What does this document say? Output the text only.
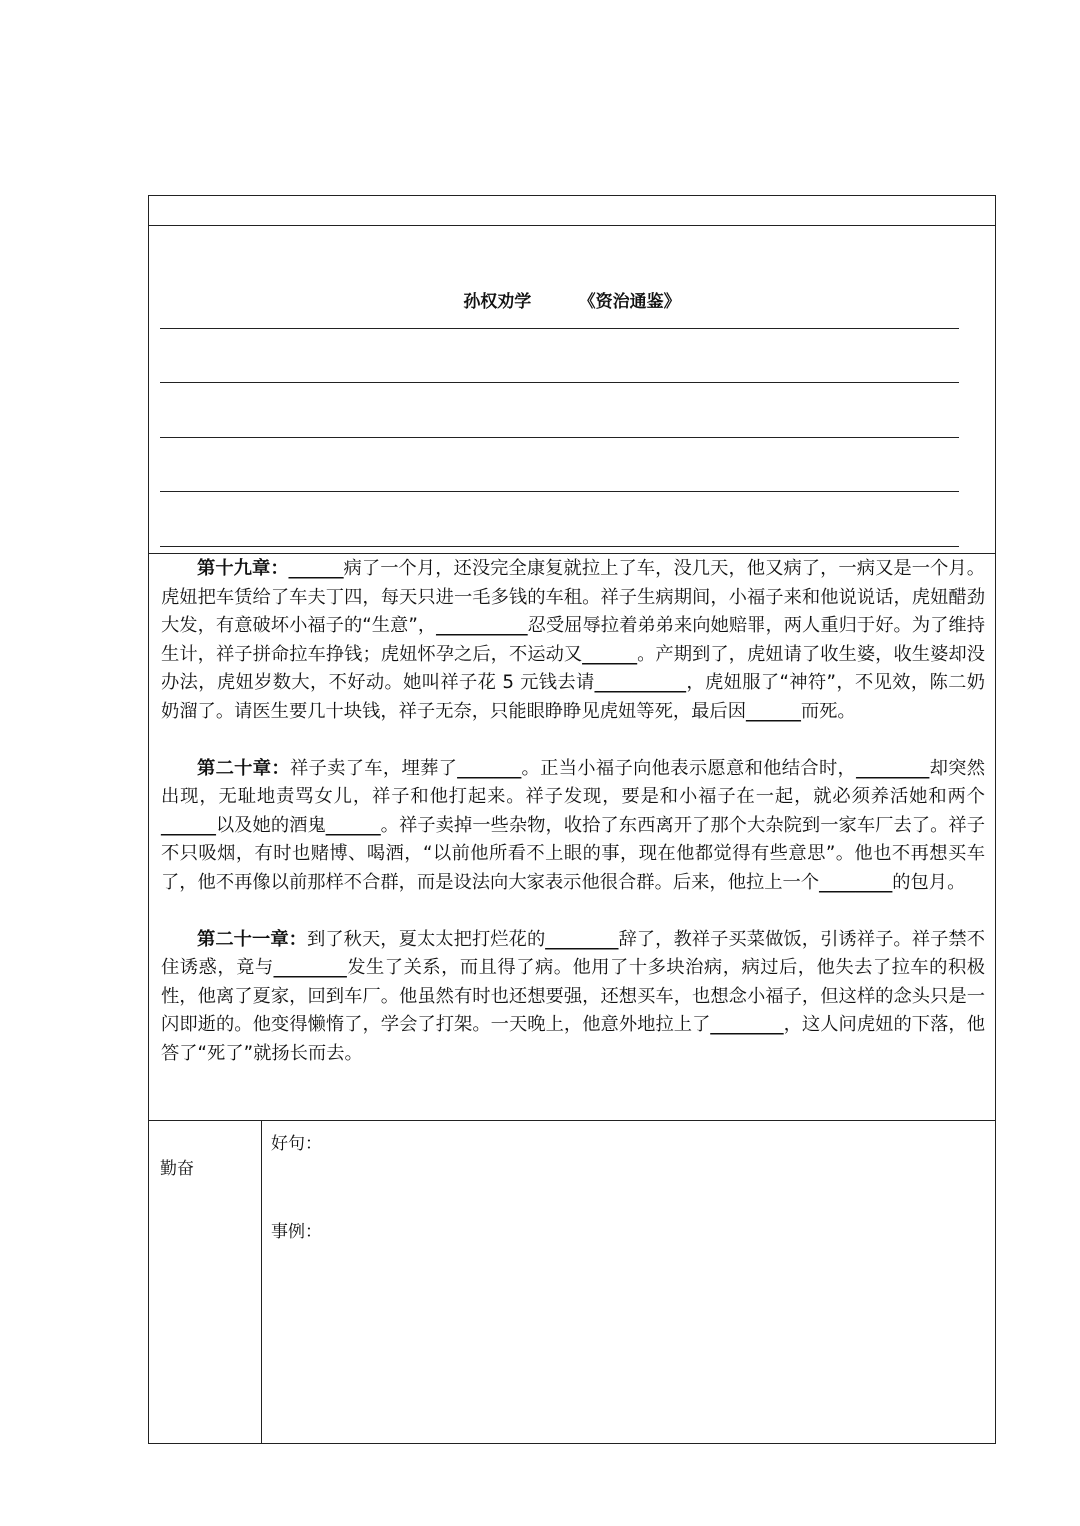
孙权劝学        《资治通鉴》

第十九章：______病了一个月，还没完全康复就拉上了车，没几天，他又病了，一病又是一个月。虎妞把车赁给了车夫丁四，每天只进一毛多钱的车租。祥子生病期间，小福子来和他说说话，虎妞醋劲大发，有意破坏小福子的“生意”，__________忍受屈辱拉着弟弟来向她赔罪，两人重归于好。为了维持生计，祥子拼命拉车挣钱；虎妞怀孕之后，不运动又______。产期到了，虎妞请了收生婆，收生婆却没办法，虎妞岁数大，不好动。她叫祥子花 5 元钱去请__________，虎妞服了“神符”，不见效，陈二奶奶溜了。请医生要几十块钱，祥子无奈，只能眼睁睁见虎妞等死，最后因______而死。

第二十章：祥子卖了车，埋葬了_______。正当小福子向他表示愿意和他结合时，________却突然出现，无耻地责骂女儿，祥子和他打起来。祥子发现，要是和小福子在一起，就必须养活她和两个______以及她的酒鬼______。祥子卖掉一些杂物，收拾了东西离开了那个大杂院到一家车厂去了。祥子不只吸烟，有时也赌博、喝酒，“以前他所看不上眼的事，现在他都觉得有些意思”。他也不再想买车了，他不再像以前那样不合群，而是设法向大家表示他很合群。后来，他拉上一个________的包月。

第二十一章：到了秋天，夏太太把打烂花的________辞了，教祥子买菜做饭，引诱祥子。祥子禁不住诱惑，竟与________发生了关系，而且得了病。他用了十多块治病，病过后，他失去了拉车的积极性，他离了夏家，回到车厂。他虽然有时也还想要强，还想买车，也想念小福子，但这样的念头只是一闪即逝的。他变得懒惰了，学会了打架。一天晚上，他意外地拉上了________，这人问虎妞的下落，他答了“死了”就扬长而去。

勤奋
好句：
事例：
